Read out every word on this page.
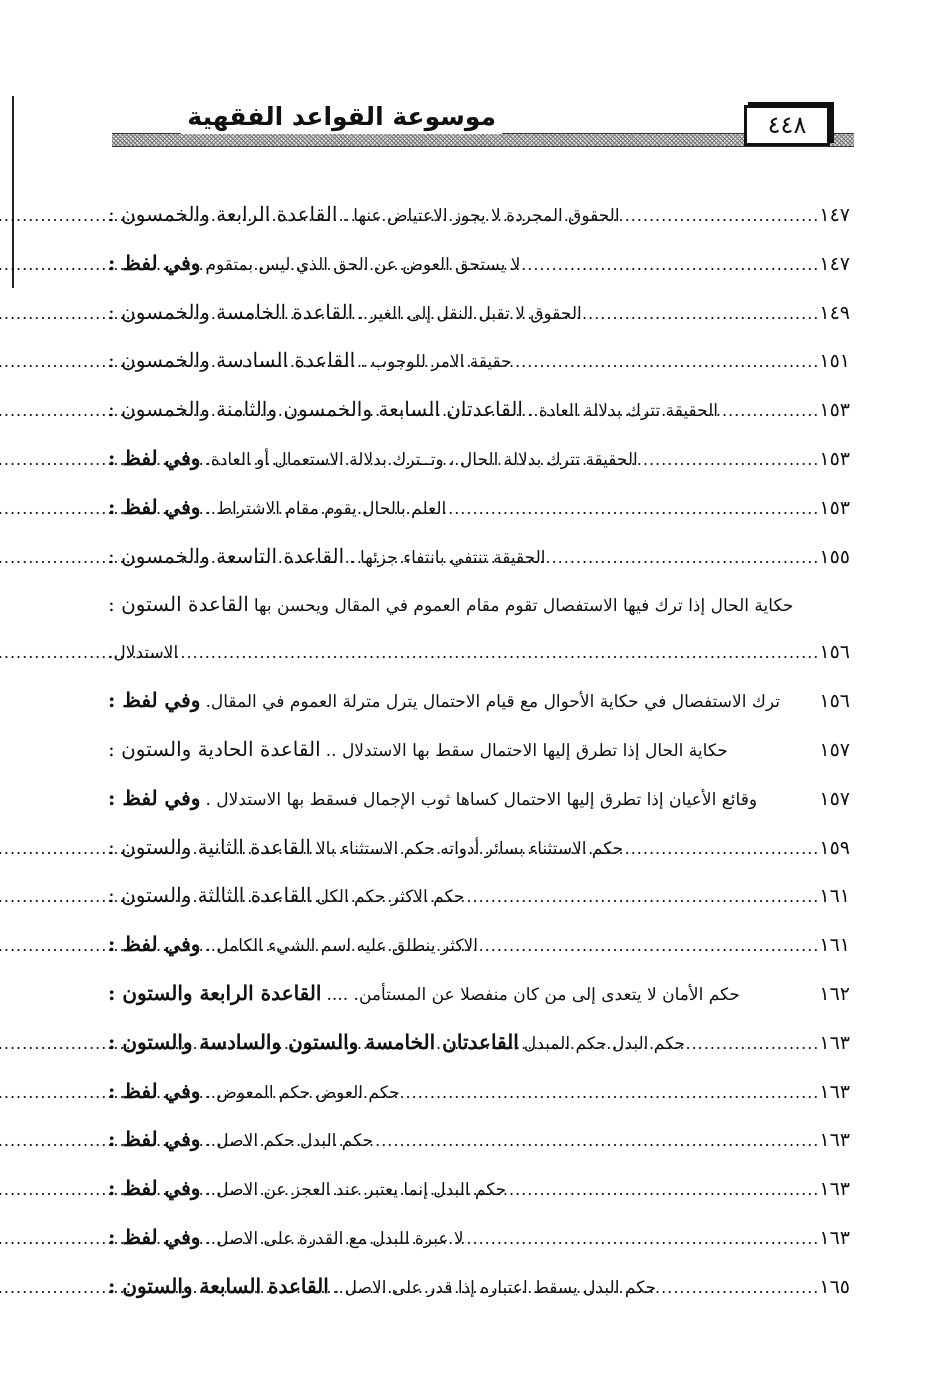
موسوعة القواعد الفقهية	٤٤٨
القاعدة الرابعة والخمسون :
الحقوق المجردة لا يجوز الاعتياض عنها . .....	١٤٧
وفي لفظ :
لا يستحق العوض عن الحق الذي ليس بمتقوم .....	١٤٧
القاعدة الخامسة والخمسون :
الحقوق لا تقبل النقل إلى الغير . .....	١٤٩
القاعدة السادسة والخمسون :
حقيقة الامر للوجوب . .....	١٥١
القاعدتان السابعة والخمسون والثامنة والخمسون :
الحقيقة تترك بدلالة العادة . .....	١٥٣
وفي لفظ :
الحقيقة تترك بدلالة الحال ، وتــترك بدلالة الاستعمال أو العادة. .....	١٥٣
وفي لفظ :
العلم بالحال يقوم مقام الاشتراط . .....	١٥٣
القاعدة التاسعة والخمسون :
الحقيقة تنتفي بانتفاء جزئها . .....	١٥٥
القاعدة الستون :
حكاية الحال إذا ترك فيها الاستفصال تقوم مقام العموم في المقال ويحسن بها
الاستدلال. .....	١٥٦
وفي لفظ :
ترك الاستفصال في حكاية الأحوال مع قيام الاحتمال يترل مترلة العموم في المقال. ١٥٦
القاعدة الحادية والستون :
حكاية الحال إذا تطرق إليها الاحتمال سقط بها الاستدلال ..	١٥٧
وفي لفظ :
وقائع الأعيان إذا تطرق إليها الاحتمال كساها ثوب الإجمال فسقط بها الاستدلال .	١٥٧
القاعدة الثانية والستون :
حكم الاستثناء بسائر أدواته حكم الاستثناء بالا .....	١٥٩
القاعدة الثالثة والستون :
حكم الاكثر حكم الكل .....	١٦١
وفي لفظ :
الاكثر ينطلق عليه اسم الشيء الكامل . .....	١٦١
القاعدة الرابعة والستون :
حكم الأمان لا يتعدى إلى من كان منفصلا عن المستأمن. ....	١٦٢
القاعدتان الخامسة والستون والسادسة والستون :
حكم البدل حكم المبدل .....	١٦٣
وفي لفظ :
حكم العوض حكم المعوض . .....	١٦٣
وفي لفظ :
حكم البدل حكم الاصل . .....	١٦٣
وفي لفظ :
حكم البدل إنما يعتبر عند العجز عن الاصل . .....	١٦٣
وفي لفظ :
لا عبرة للبدل مع القدرة على الاصل . .....	١٦٣
القاعدة السابعة والستون :
حكم البدل يسقط اعتباره إذا قدر على الاصل . .....	١٦٥
